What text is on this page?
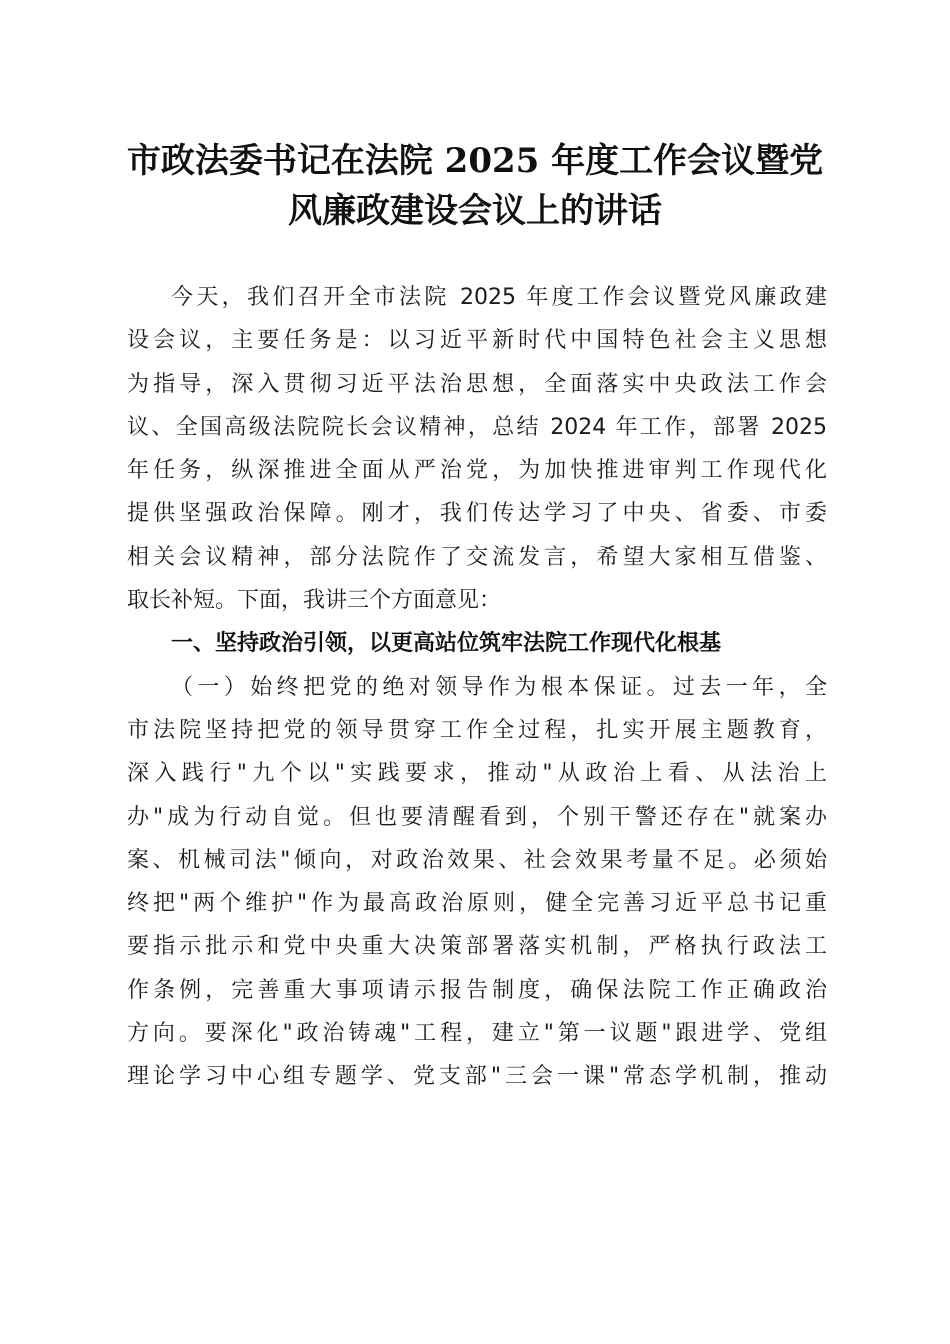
市政法委书记在法院 2025 年度工作会议暨党
风廉政建设会议上的讲话
今天，我们召开全市法院 2025 年度工作会议暨党风廉政建
设会议，主要任务是：以习近平新时代中国特色社会主义思想
为指导，深入贯彻习近平法治思想，全面落实中央政法工作会
议、全国高级法院院长会议精神，总结 2024 年工作，部署 2025
年任务，纵深推进全面从严治党，为加快推进审判工作现代化
提供坚强政治保障。刚才，我们传达学习了中央、省委、市委
相关会议精神，部分法院作了交流发言，希望大家相互借鉴、
取长补短。下面，我讲三个方面意见：
一、坚持政治引领，以更高站位筑牢法院工作现代化根基
（一）始终把党的绝对领导作为根本保证。过去一年，全
市法院坚持把党的领导贯穿工作全过程，扎实开展主题教育，
深入践行"九个以"实践要求，推动"从政治上看、从法治上
办"成为行动自觉。但也要清醒看到，个别干警还存在"就案办
案、机械司法"倾向，对政治效果、社会效果考量不足。必须始
终把"两个维护"作为最高政治原则，健全完善习近平总书记重
要指示批示和党中央重大决策部署落实机制，严格执行政法工
作条例，完善重大事项请示报告制度，确保法院工作正确政治
方向。要深化"政治铸魂"工程，建立"第一议题"跟进学、党组
理论学习中心组专题学、党支部"三会一课"常态学机制，推动
